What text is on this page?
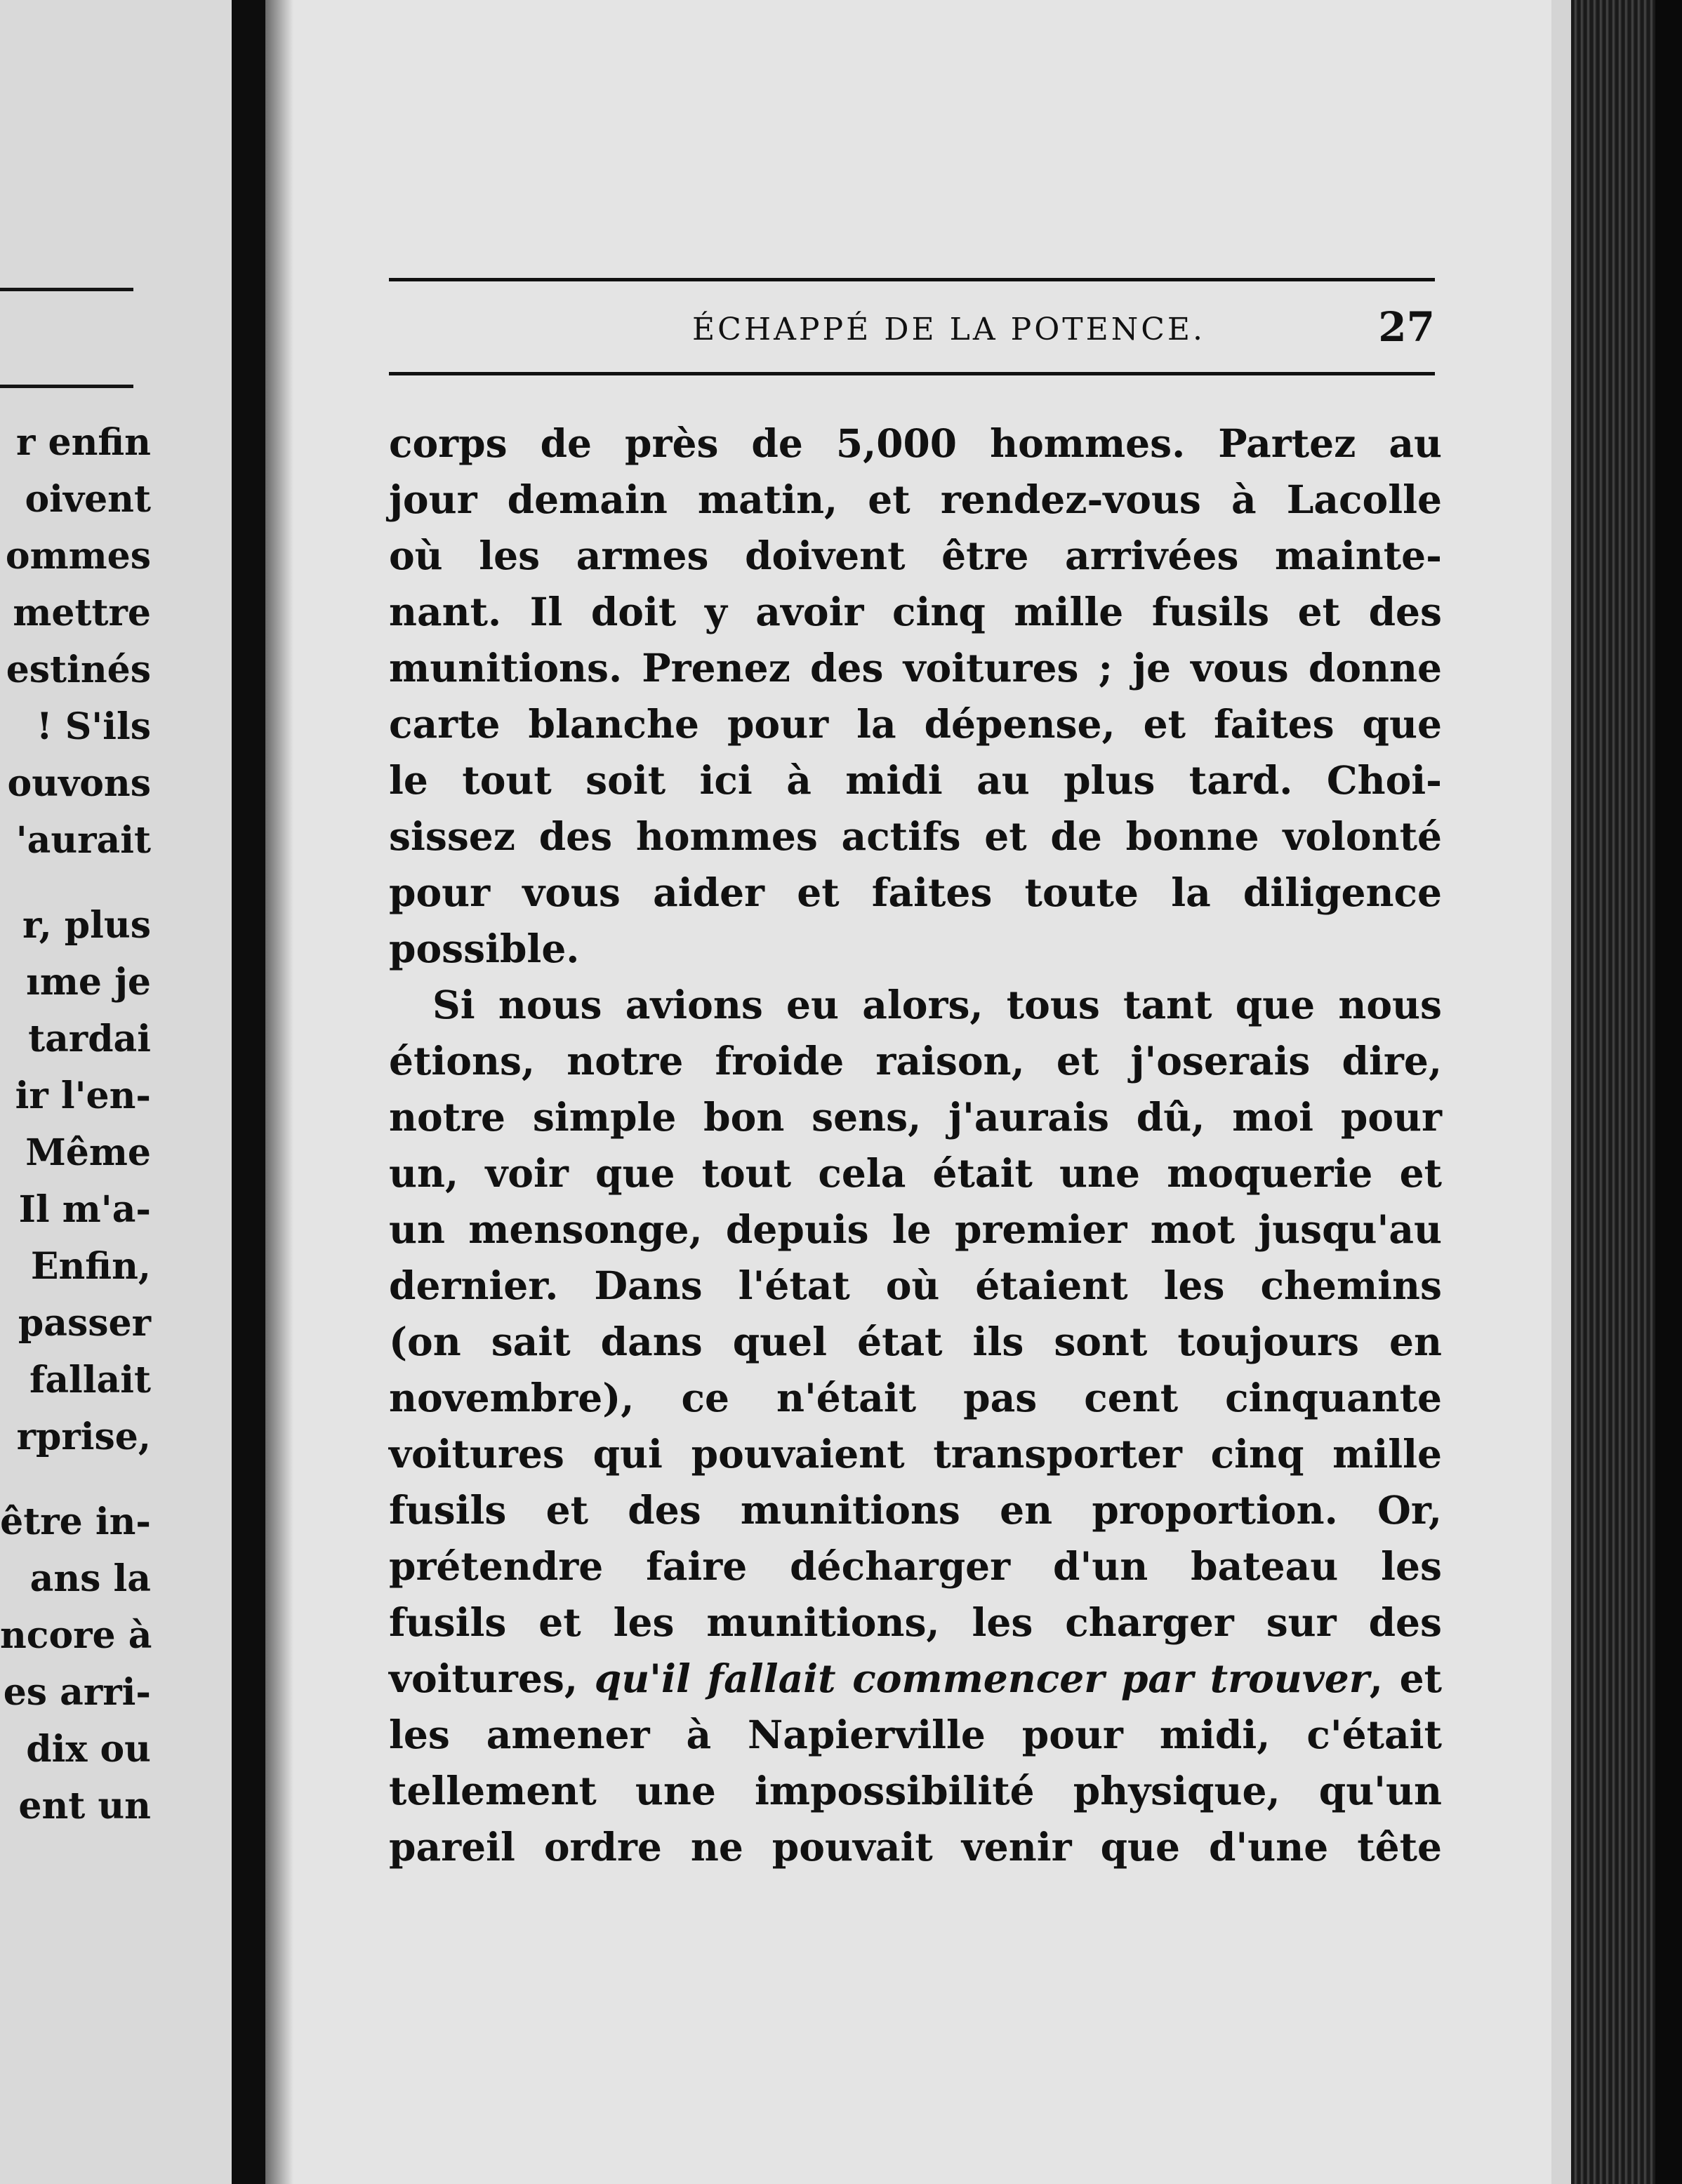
r enfin
oivent
ommes
mettre
estinés
! S'ils
ouvons
'aurait
r, plus
ıme je
tardai
ir l'en-
Même
Il m'a-
Enfin,
passer
fallait
rprise,
être in-
ans la
ncore à
es arri-
dix ou
ent un
ÉCHAPPÉ DE LA POTENCE.	27
corps de près de 5,000 hommes. Partez au
jour demain matin, et rendez-vous à Lacolle
où les armes doivent être arrivées mainte-
nant. Il doit y avoir cinq mille fusils et des
munitions. Prenez des voitures ; je vous donne
carte blanche pour la dépense, et faites que
le tout soit ici à midi au plus tard. Choi-
sissez des hommes actifs et de bonne volonté
pour vous aider et faites toute la diligence
possible.
Si nous avions eu alors, tous tant que nous
étions, notre froide raison, et j'oserais dire,
notre simple bon sens, j'aurais dû, moi pour
un, voir que tout cela était une moquerie et
un mensonge, depuis le premier mot jusqu'au
dernier. Dans l'état où étaient les chemins
(on sait dans quel état ils sont toujours en
novembre), ce n'était pas cent cinquante
voitures qui pouvaient transporter cinq mille
fusils et des munitions en proportion. Or,
prétendre faire décharger d'un bateau les
fusils et les munitions, les charger sur des
voitures, qu'il fallait commencer par trouver, et
les amener à Napierville pour midi, c'était
tellement une impossibilité physique, qu'un
pareil ordre ne pouvait venir que d'une tête
